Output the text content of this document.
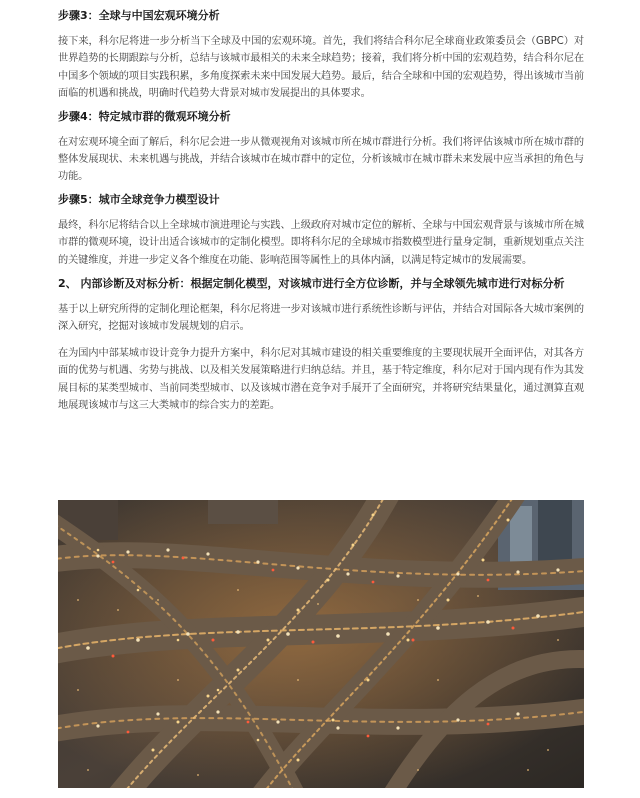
步骤3：全球与中国宏观环境分析

接下来，科尔尼将进一步分析当下全球及中国的宏观环境。首先，我们将结合科尔尼全球商业政策委员会（GBPC）对世界趋势的长期跟踪与分析，总结与该城市最相关的未来全球趋势；接着，我们将分析中国的宏观趋势，结合科尔尼在中国多个领域的项目实践积累，多角度探索未来中国发展大趋势。最后，结合全球和中国的宏观趋势，得出该城市当前面临的机遇和挑战，明确时代趋势大背景对城市发展提出的具体要求。

步骤4：特定城市群的微观环境分析

在对宏观环境全面了解后，科尔尼会进一步从微观视角对该城市所在城市群进行分析。我们将评估该城市所在城市群的整体发展现状、未来机遇与挑战，并结合该城市在城市群中的定位，分析该城市在城市群未来发展中应当承担的角色与功能。

步骤5：城市全球竞争力模型设计

最终，科尔尼将结合以上全球城市演进理论与实践、上级政府对城市定位的解析、全球与中国宏观背景与该城市所在城市群的微观环境，设计出适合该城市的定制化模型。即将科尔尼的全球城市指数模型进行量身定制，重新规划重点关注的关键维度，并进一步定义各个维度在功能、影响范围等属性上的具体内涵，以满足特定城市的发展需要。

2、 内部诊断及对标分析：根据定制化模型，对该城市进行全方位诊断，并与全球领先城市进行对标分析

基于以上研究所得的定制化理论框架，科尔尼将进一步对该城市进行系统性诊断与评估，并结合对国际各大城市案例的深入研究，挖掘对该城市发展规划的启示。

在为国内中部某城市设计竞争力提升方案中，科尔尼对其城市建设的相关重要维度的主要现状展开全面评估，对其各方面的优势与机遇、劣势与挑战、以及相关发展策略进行归纳总结。并且，基于特定维度，科尔尼对于国内现有作为其发展目标的某类型城市、当前同类型城市、以及该城市潜在竞争对手展开了全面研究，并将研究结果量化，通过测算直观地展现该城市与这三大类城市的综合实力的差距。
